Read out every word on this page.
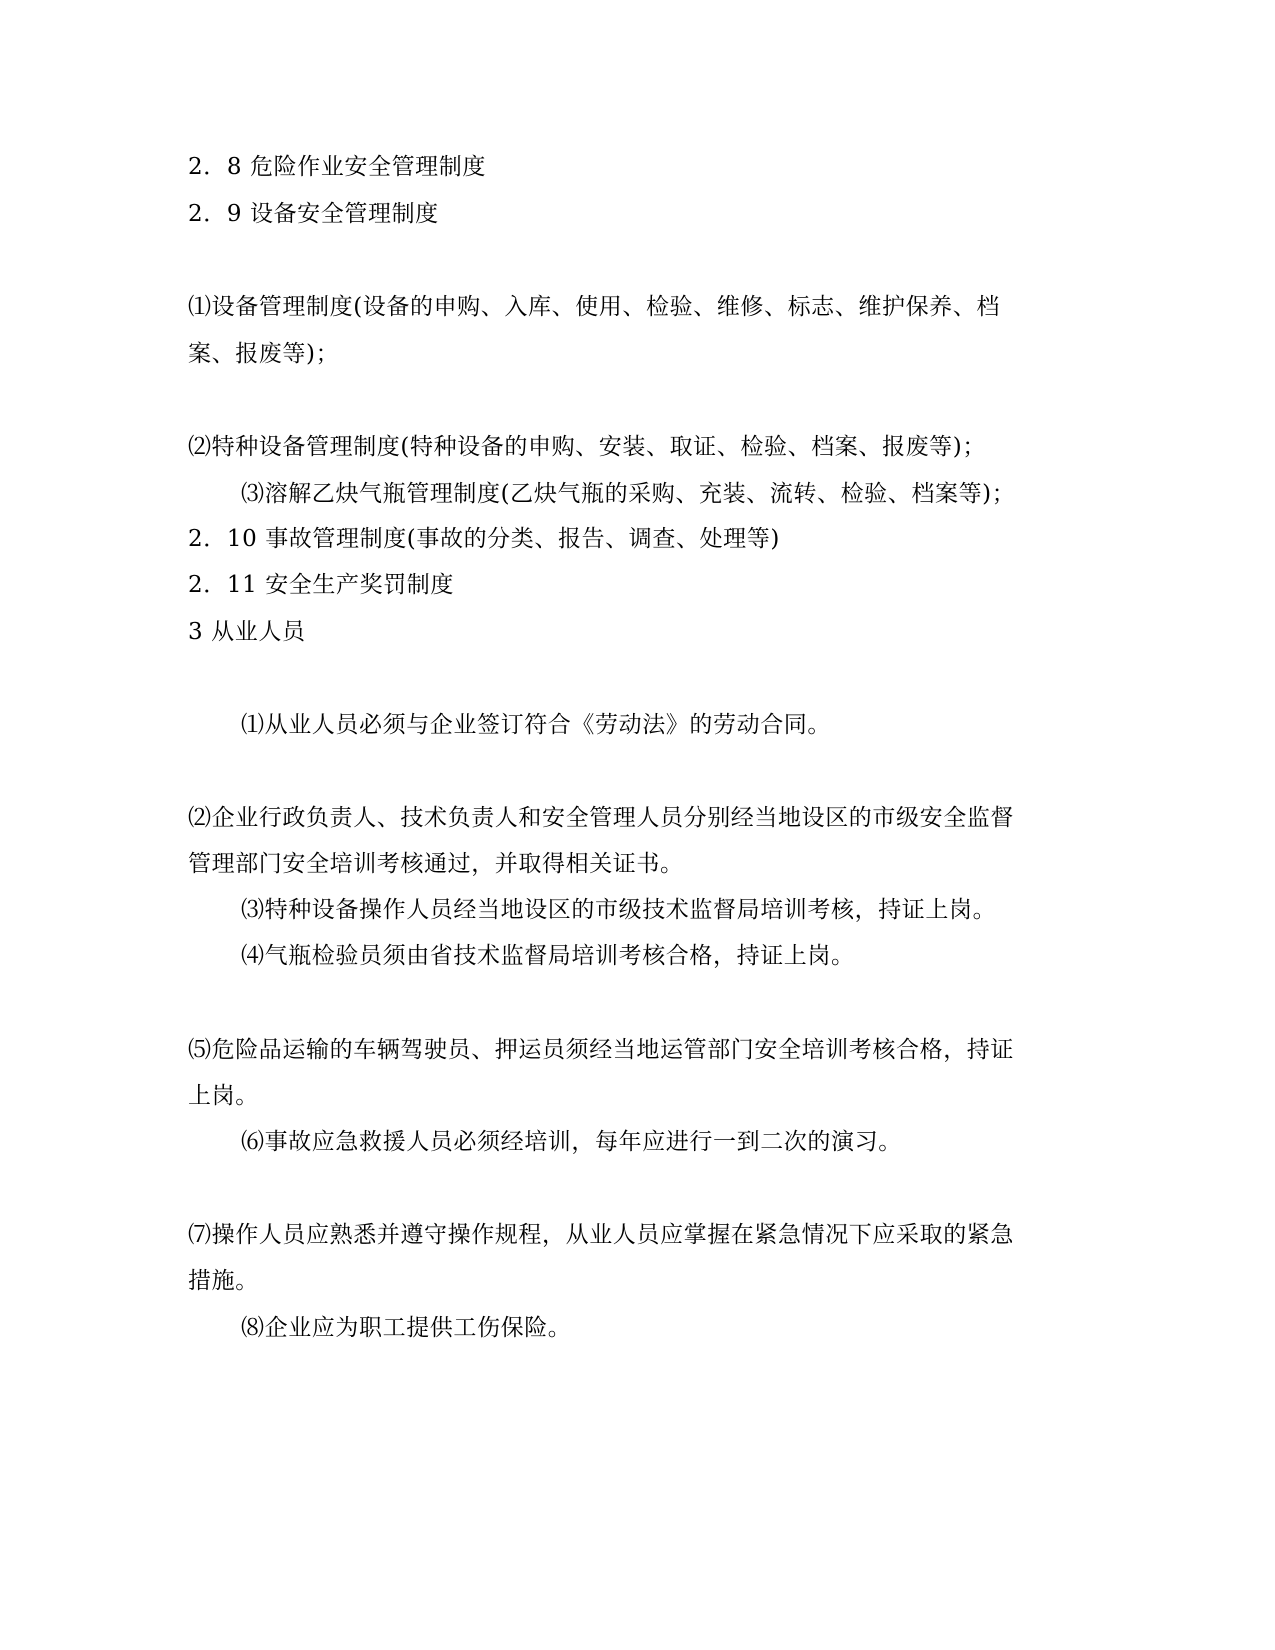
2．8 危险作业安全管理制度
2．9 设备安全管理制度
⑴设备管理制度(设备的申购、入库、使用、检验、维修、标志、维护保养、档
案、报废等)；
⑵特种设备管理制度(特种设备的申购、安装、取证、检验、档案、报废等)；
⑶溶解乙炔气瓶管理制度(乙炔气瓶的采购、充装、流转、检验、档案等)；
2．10 事故管理制度(事故的分类、报告、调查、处理等)
2．11 安全生产奖罚制度
3 从业人员
⑴从业人员必须与企业签订符合《劳动法》的劳动合同。
⑵企业行政负责人、技术负责人和安全管理人员分别经当地设区的市级安全监督
管理部门安全培训考核通过，并取得相关证书。
⑶特种设备操作人员经当地设区的市级技术监督局培训考核，持证上岗。
⑷气瓶检验员须由省技术监督局培训考核合格，持证上岗。
⑸危险品运输的车辆驾驶员、押运员须经当地运管部门安全培训考核合格，持证
上岗。
⑹事故应急救援人员必须经培训，每年应进行一到二次的演习。
⑺操作人员应熟悉并遵守操作规程，从业人员应掌握在紧急情况下应采取的紧急
措施。
⑻企业应为职工提供工伤保险。
